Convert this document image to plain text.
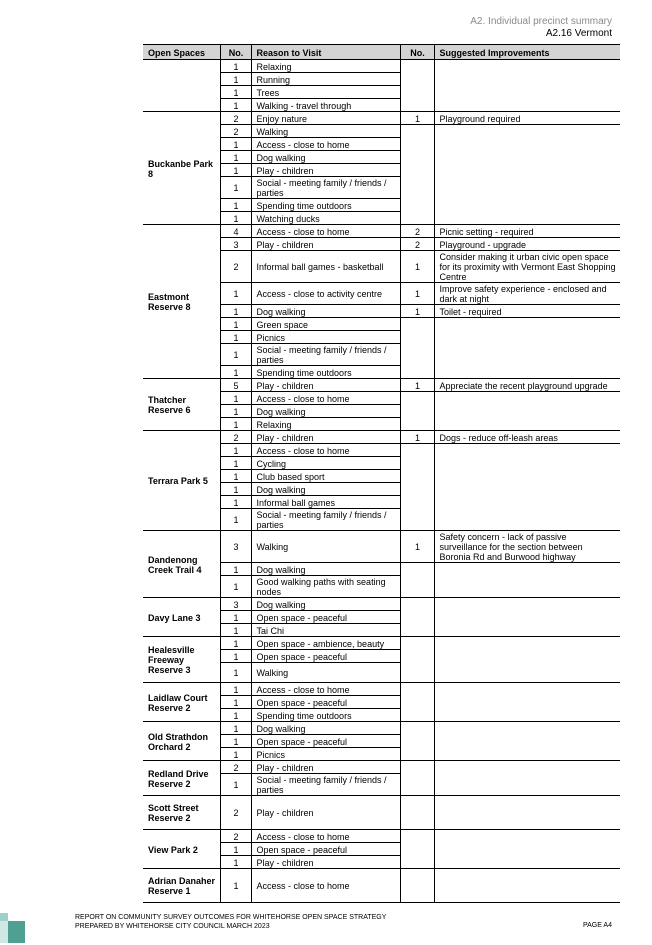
A2. Individual precinct summary
A2.16 Vermont
Open Spaces	No.	Reason to Visit	No.	Suggested Improvements
	1	Relaxing		
	1	Running		
	1	Trees		
	1	Walking - travel through		
Buckanbe Park 8	2	Enjoy nature	1	Playground required
	2	Walking		
	1	Access - close to home		
	1	Dog walking		
	1	Play - children		
	1	Social - meeting family / friends / parties		
	1	Spending time outdoors		
	1	Watching ducks		
Eastmont Reserve 8	4	Access - close to home	2	Picnic setting - required
	3	Play - children	2	Playground - upgrade
	2	Informal ball games - basketball	1	Consider making it urban civic open space for its proximity with Vermont East Shopping Centre
	1	Access - close to activity centre	1	Improve safety experience - enclosed and dark at night
	1	Dog walking	1	Toilet - required
	1	Green space		
	1	Picnics		
	1	Social - meeting family / friends / parties		
	1	Spending time outdoors		
Thatcher Reserve 6	5	Play - children	1	Appreciate the recent playground upgrade
	1	Access - close to home		
	1	Dog walking		
	1	Relaxing		
Terrara Park 5	2	Play - children	1	Dogs - reduce off-leash areas
	1	Access - close to home		
	1	Cycling		
	1	Club based sport		
	1	Dog walking		
	1	Informal ball games		
	1	Social - meeting family / friends / parties		
Dandenong Creek Trail 4	3	Walking	1	Safety concern - lack of passive surveillance for the section between Boronia Rd and Burwood highway
	1	Dog walking		
	1	Good walking paths with seating nodes		
Davy Lane 3	3	Dog walking		
	1	Open space - peaceful		
	1	Tai Chi		
Healesville Freeway Reserve 3	1	Open space - ambience, beauty		
	1	Open space - peaceful		
	1	Walking		
Laidlaw Court Reserve 2	1	Access - close to home		
	1	Open space - peaceful		
	1	Spending time outdoors		
Old Strathdon Orchard 2	1	Dog walking		
	1	Open space - peaceful		
	1	Picnics		
Redland Drive Reserve 2	2	Play - children		
	1	Social - meeting family / friends / parties		
Scott Street Reserve 2	2	Play - children		
View Park 2	2	Access - close to home		
	1	Open space - peaceful		
	1	Play - children		
Adrian Danaher Reserve 1	1	Access - close to home		
REPORT ON COMMUNITY SURVEY OUTCOMES FOR WHITEHORSE OPEN SPACE STRATEGY
PREPARED BY WHITEHORSE CITY COUNCIL MARCH 2023	PAGE A4
